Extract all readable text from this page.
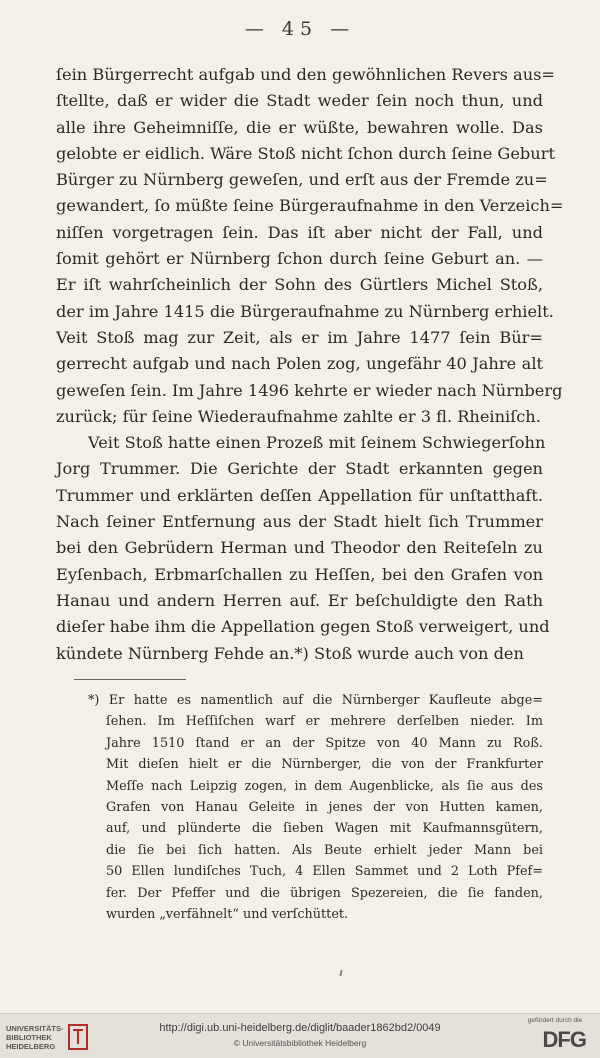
— 45 —
ſein Bürgerrecht aufgab und den gewöhnlichen Revers aus=
ſtellte, daß er wider die Stadt weder ſein noch thun, und
alle ihre Geheimniſſe, die er wüßte, bewahren wolle. Das
gelobte er eidlich. Wäre Stoß nicht ſchon durch ſeine Geburt
Bürger zu Nürnberg geweſen, und erſt aus der Fremde zu=
gewandert, ſo müßte ſeine Bürgeraufnahme in den Verzeich=
niſſen vorgetragen ſein. Das iſt aber nicht der Fall, und
ſomit gehört er Nürnberg ſchon durch ſeine Geburt an. —
Er iſt wahrſcheinlich der Sohn des Gürtlers Michel Stoß,
der im Jahre 1415 die Bürgeraufnahme zu Nürnberg erhielt.
Veit Stoß mag zur Zeit, als er im Jahre 1477 ſein Bür=
gerrecht aufgab und nach Polen zog, ungefähr 40 Jahre alt
geweſen ſein. Im Jahre 1496 kehrte er wieder nach Nürnberg
zurück; für ſeine Wiederaufnahme zahlte er 3 fl. Rheiniſch.
Veit Stoß hatte einen Prozeß mit ſeinem Schwiegerſohn
Jorg Trummer. Die Gerichte der Stadt erkannten gegen
Trummer und erklärten deſſen Appellation für unſtatthaft.
Nach ſeiner Entfernung aus der Stadt hielt ſich Trummer
bei den Gebrüdern Herman und Theodor den Reiteſeln zu
Eyſenbach, Erbmarſchallen zu Heſſen, bei den Grafen von
Hanau und andern Herren auf. Er beſchuldigte den Rath
dieſer habe ihm die Appellation gegen Stoß verweigert, und
kündete Nürnberg Fehde an.*) Stoß wurde auch von den
*) Er hatte es namentlich auf die Nürnberger Kaufleute abge=
ſehen. Im Heſſiſchen warf er mehrere derſelben nieder. Im
Jahre 1510 ſtand er an der Spitze von 40 Mann zu Roß.
Mit dieſen hielt er die Nürnberger, die von der Frankfurter
Meſſe nach Leipzig zogen, in dem Augenblicke, als ſie aus des
Grafen von Hanau Geleite in jenes der von Hutten kamen,
auf, und plünderte die ſieben Wagen mit Kaufmannsgütern,
die ſie bei ſich hatten. Als Beute erhielt jeder Mann bei
50 Ellen lundiſches Tuch, 4 Ellen Sammet und 2 Loth Pfef=
fer. Der Pfeffer und die übrigen Spezereien, die ſie fanden,
wurden „verfähnelt“ und verſchüttet.
UNIVERSITÄTS-
BIBLIOTHEK
HEIDELBERG
http://digi.ub.uni-heidelberg.de/diglit/baader1862bd2/0049
© Universitätsbibliothek Heidelberg
gefördert durch die
DFG
